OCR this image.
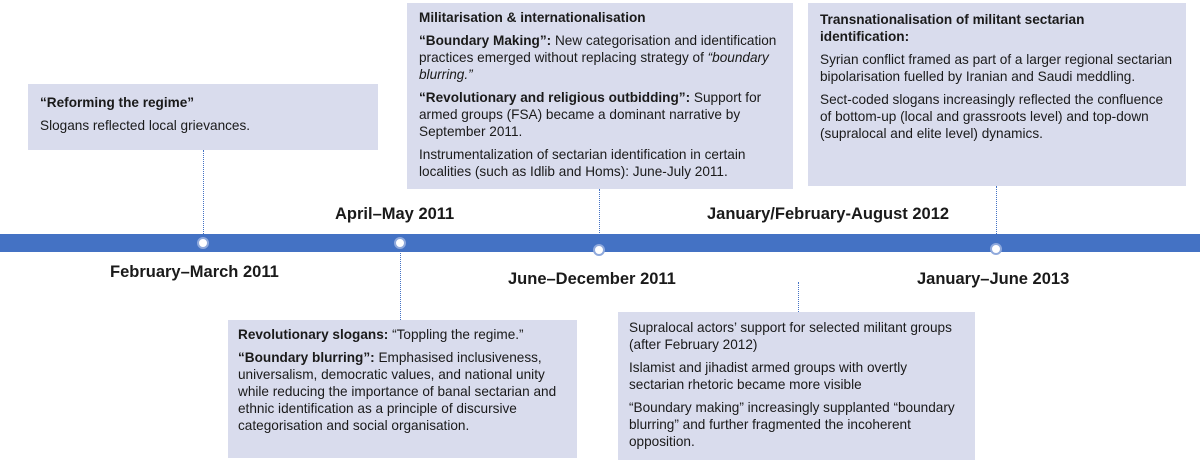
February–March 2011
April–May 2011
June–December 2011
January/February-August 2012
January–June 2013

“Reforming the regime”

Slogans reflected local grievances.

Militarisation & internationalisation

“Boundary Making”: New categorisation and identification practices emerged without replacing strategy of “boundary blurring.”

“Revolutionary and religious outbidding”: Support for armed groups (FSA) became a dominant narrative by September 2011.

Instrumentalization of sectarian identification in certain localities (such as Idlib and Homs): June-July 2011.

Transnationalisation of militant sectarian identification:

Syrian conflict framed as part of a larger regional sectarian bipolarisation fuelled by Iranian and Saudi meddling.

Sect-coded slogans increasingly reflected the confluence of bottom-up (local and grassroots level) and top-down (supralocal and elite level) dynamics.

Revolutionary slogans: “Toppling the regime.”

“Boundary blurring”: Emphasised inclusiveness, universalism, democratic values, and national unity while reducing the importance of banal sectarian and ethnic identification as a principle of discursive categorisation and social organisation.

Supralocal actors’ support for selected militant groups (after February 2012)

Islamist and jihadist armed groups with overtly sectarian rhetoric became more visible

“Boundary making” increasingly supplanted “boundary blurring” and further fragmented the incoherent opposition.
